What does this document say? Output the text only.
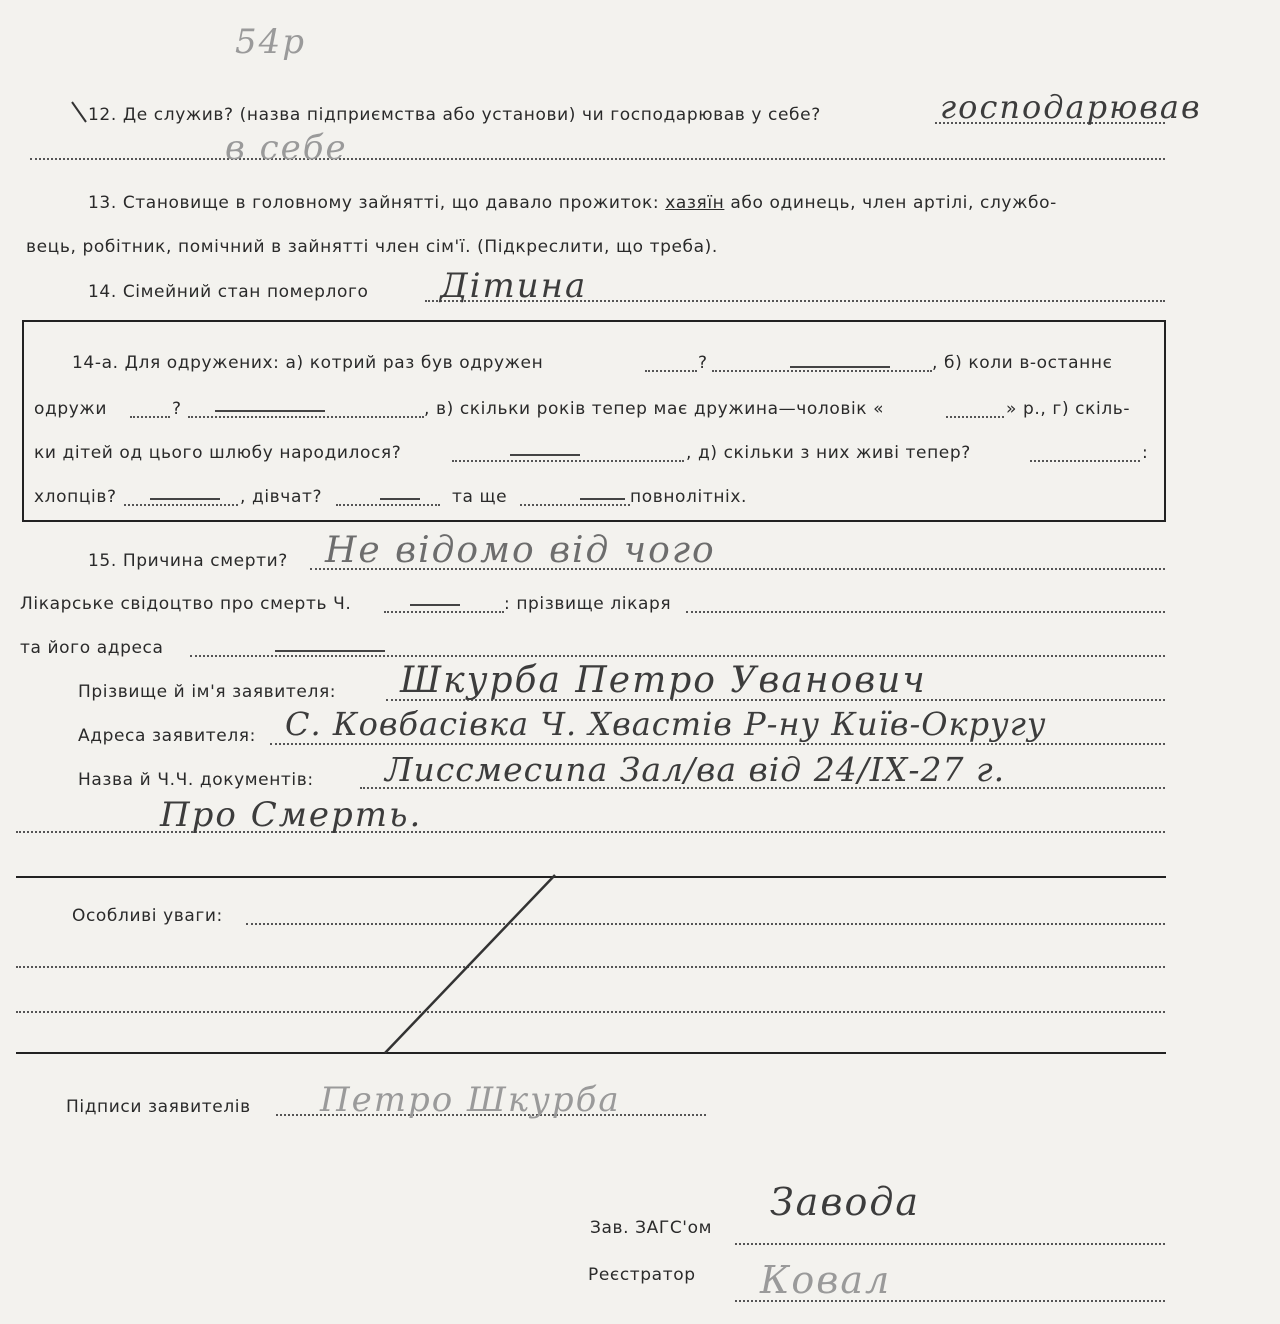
54р
12. Де служив? (назва підприємства або установи) чи господарював у себе?	господарював
в себе
13. Становище в головному зайнятті, що давало прожиток: хазяїн або одинець, член артілі, службо-
вець, робітник, помічний в зайнятті член сім'ї. (Підкреслити, що треба).
14. Сімейний стан померлого Дітина
14-а. Для одружених: а) котрий раз був одружен	?	, б) коли в-останнє
одружи	?	, в) скільки років тепер має дружина—чоловік «	» р., г) скіль-
ки дітей од цього шлюбу народилося?	, д) скільки з них живі тепер?	:
хлопців?	, дівчат?	та ще	повнолітніх.
15. Причина смерти? Не відомо від чого
Лікарське свідоцтво про смерть Ч.	: прізвище лікаря
та його адреса
Прізвище й ім'я заявителя: Шкурба Петро Уванович
Адреса заявителя: С. Ковбасівка Ч. Хвастів Р-ну Київ-Округу
Назва й Ч.Ч. документів: Лиcсмесипа Зал/ва від 24/ІХ-27 г.
Про Смерть.
Особливі уваги:
Підписи заявителів Петро Шкурба
Зав. ЗАГС'ом
Завода
Реєстратор Ковал
